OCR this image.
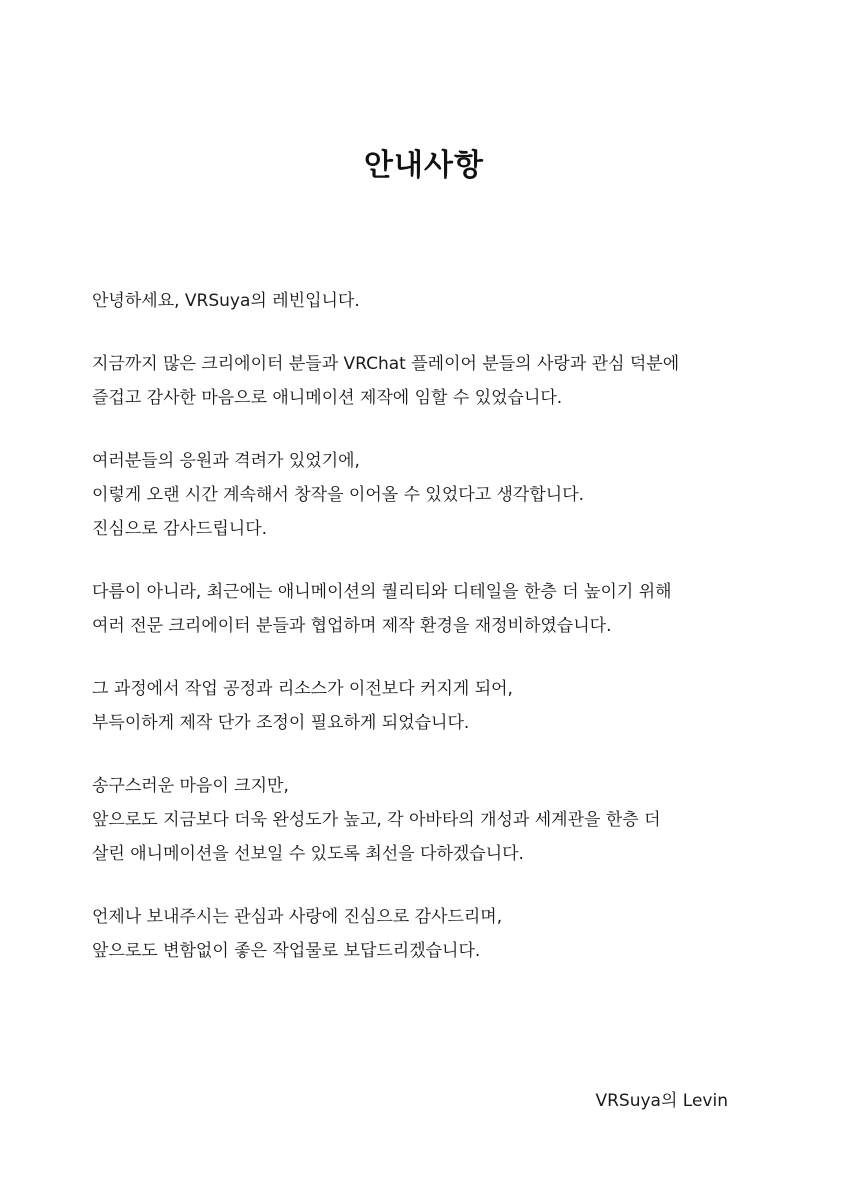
안내사항

안녕하세요, VRSuya의 레빈입니다.

지금까지 많은 크리에이터 분들과 VRChat 플레이어 분들의 사랑과 관심 덕분에
즐겁고 감사한 마음으로 애니메이션 제작에 임할 수 있었습니다.

여러분들의 응원과 격려가 있었기에,
이렇게 오랜 시간 계속해서 창작을 이어올 수 있었다고 생각합니다.
진심으로 감사드립니다.

다름이 아니라, 최근에는 애니메이션의 퀄리티와 디테일을 한층 더 높이기 위해
여러 전문 크리에이터 분들과 협업하며 제작 환경을 재정비하였습니다.

그 과정에서 작업 공정과 리소스가 이전보다 커지게 되어,
부득이하게 제작 단가 조정이 필요하게 되었습니다.

송구스러운 마음이 크지만,
앞으로도 지금보다 더욱 완성도가 높고, 각 아바타의 개성과 세계관을 한층 더
살린 애니메이션을 선보일 수 있도록 최선을 다하겠습니다.

언제나 보내주시는 관심과 사랑에 진심으로 감사드리며,
앞으로도 변함없이 좋은 작업물로 보답드리겠습니다.

VRSuya의 Levin
